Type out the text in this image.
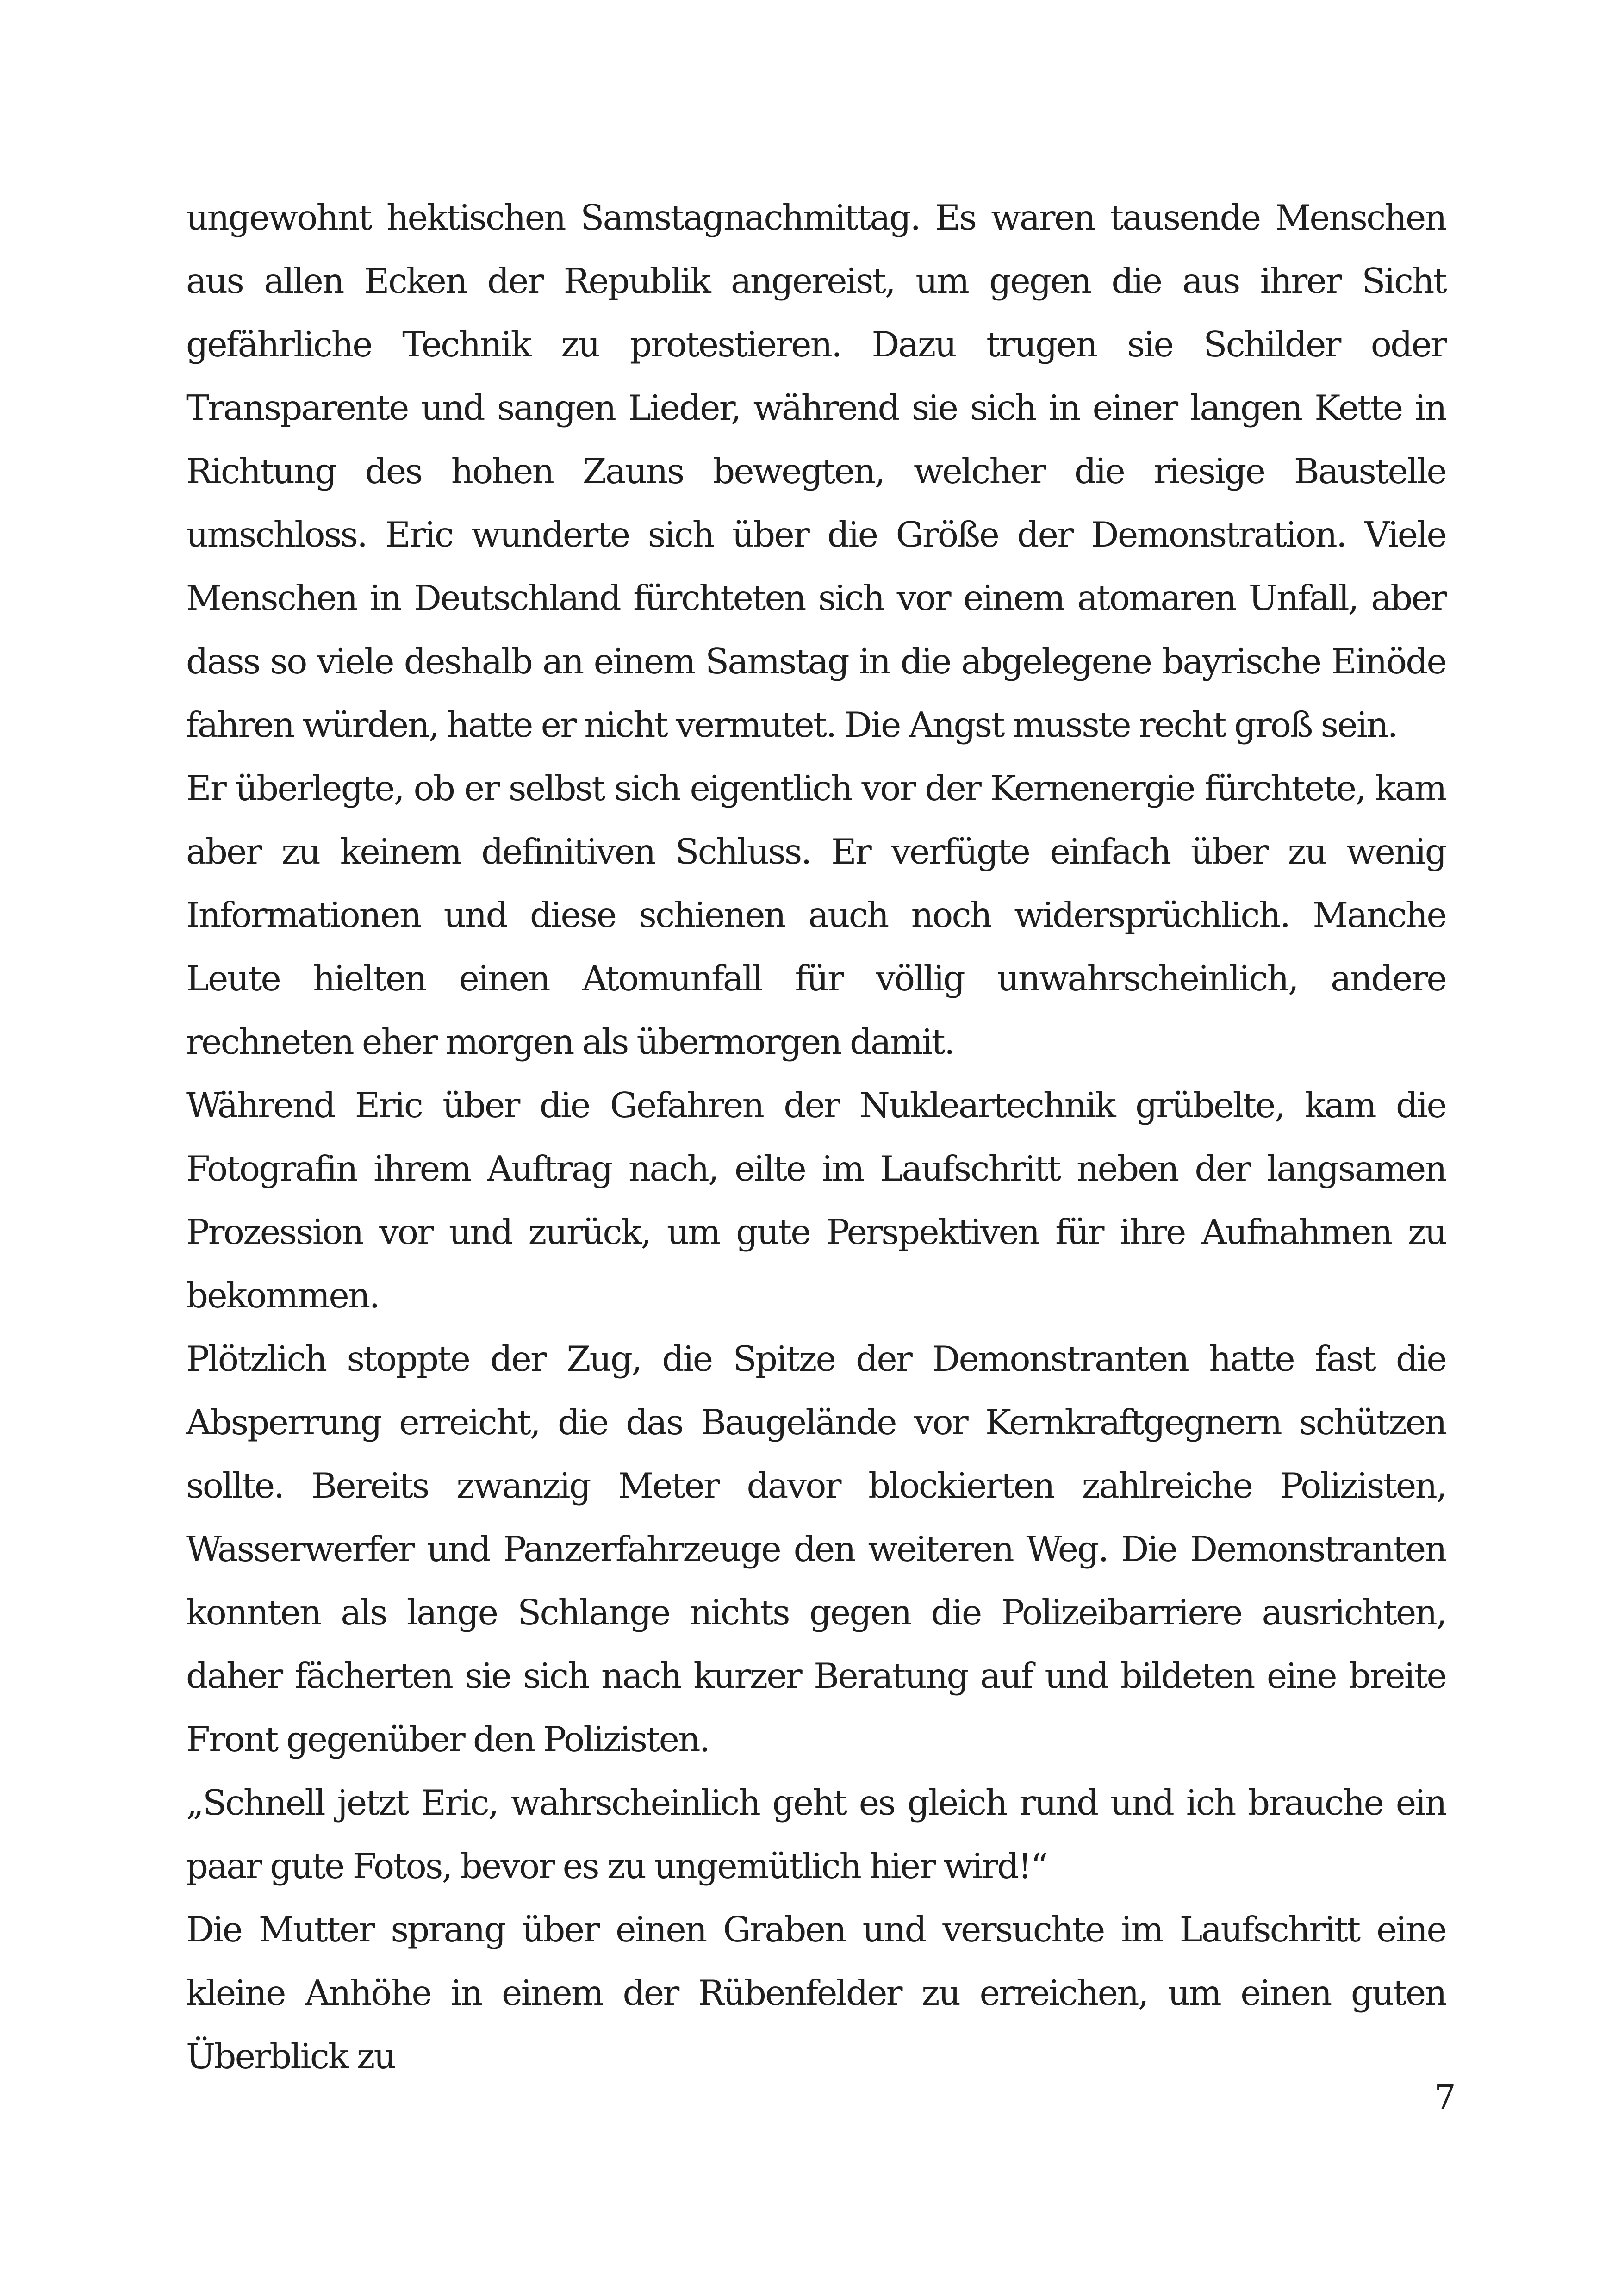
ungewohnt hektischen Samstagnachmittag. Es waren tausende Menschen aus allen Ecken der Republik angereist, um gegen die aus ihrer Sicht gefährliche Technik zu protestieren. Dazu trugen sie Schilder oder Transparente und sangen Lieder, während sie sich in einer langen Kette in Richtung des hohen Zauns bewegten, welcher die riesige Baustelle umschloss. Eric wunderte sich über die Größe der Demonstration. Viele Menschen in Deutschland fürchteten sich vor einem atomaren Unfall, aber dass so viele deshalb an einem Samstag in die abgelegene bayrische Einöde fahren würden, hatte er nicht vermutet. Die Angst musste recht groß sein.

Er überlegte, ob er selbst sich eigentlich vor der Kernenergie fürchtete, kam aber zu keinem definitiven Schluss. Er verfügte einfach über zu wenig Informationen und diese schienen auch noch widersprüchlich. Manche Leute hielten einen Atomunfall für völlig unwahrscheinlich, andere rechneten eher morgen als übermorgen damit.

Während Eric über die Gefahren der Nukleartechnik grübelte, kam die Fotografin ihrem Auftrag nach, eilte im Laufschritt neben der langsamen Prozession vor und zurück, um gute Perspektiven für ihre Aufnahmen zu bekommen.

Plötzlich stoppte der Zug, die Spitze der Demonstranten hatte fast die Absperrung erreicht, die das Baugelände vor Kernkraftgegnern schützen sollte. Bereits zwanzig Meter davor blockierten zahlreiche Polizisten, Wasserwerfer und Panzerfahrzeuge den weiteren Weg. Die Demonstranten konnten als lange Schlange nichts gegen die Polizeibarriere ausrichten, daher fächerten sie sich nach kurzer Beratung auf und bildeten eine breite Front gegenüber den Polizisten.

„Schnell jetzt Eric, wahrscheinlich geht es gleich rund und ich brauche ein paar gute Fotos, bevor es zu ungemütlich hier wird!“

Die Mutter sprang über einen Graben und versuchte im Laufschritt eine kleine Anhöhe in einem der Rübenfelder zu erreichen, um einen guten Überblick zu

7
